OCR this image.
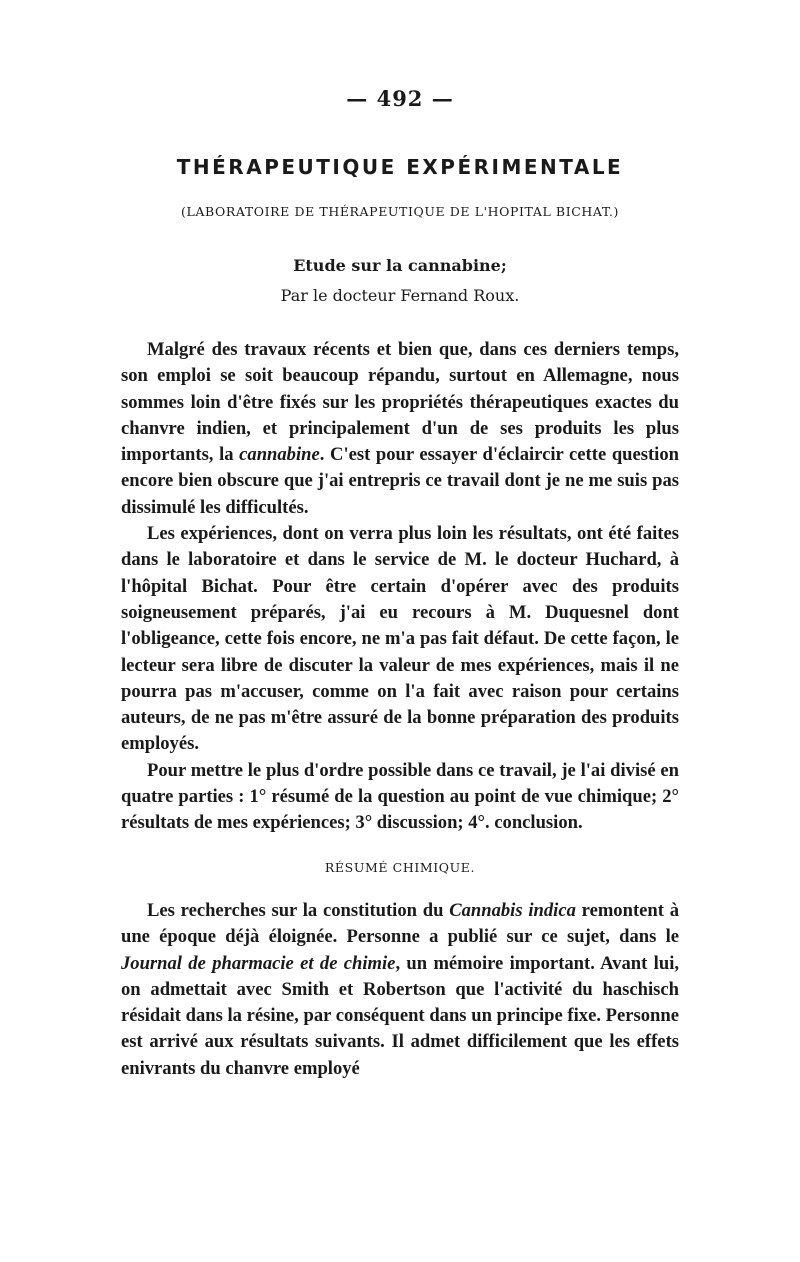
— 492 —
THÉRAPEUTIQUE EXPÉRIMENTALE
(LABORATOIRE DE THÉRAPEUTIQUE DE L'HOPITAL BICHAT.)
Etude sur la cannabine;
Par le docteur Fernand Roux.

Malgré des travaux récents et bien que, dans ces derniers temps, son emploi se soit beaucoup répandu, surtout en Allemagne, nous sommes loin d'être fixés sur les propriétés thérapeutiques exactes du chanvre indien, et principalement d'un de ses produits les plus importants, la cannabine. C'est pour essayer d'éclaircir cette question encore bien obscure que j'ai entrepris ce travail dont je ne me suis pas dissimulé les difficultés.

Les expériences, dont on verra plus loin les résultats, ont été faites dans le laboratoire et dans le service de M. le docteur Huchard, à l'hôpital Bichat. Pour être certain d'opérer avec des produits soigneusement préparés, j'ai eu recours à M. Duquesnel dont l'obligeance, cette fois encore, ne m'a pas fait défaut. De cette façon, le lecteur sera libre de discuter la valeur de mes expériences, mais il ne pourra pas m'accuser, comme on l'a fait avec raison pour certains auteurs, de ne pas m'être assuré de la bonne préparation des produits employés.

Pour mettre le plus d'ordre possible dans ce travail, je l'ai divisé en quatre parties : 1° résumé de la question au point de vue chimique; 2° résultats de mes expériences; 3° discussion; 4°. conclusion.

RÉSUMÉ CHIMIQUE.

Les recherches sur la constitution du Cannabis indica remontent à une époque déjà éloignée. Personne a publié sur ce sujet, dans le Journal de pharmacie et de chimie, un mémoire important. Avant lui, on admettait avec Smith et Robertson que l'activité du haschisch résidait dans la résine, par conséquent dans un principe fixe. Personne est arrivé aux résultats suivants. Il admet difficilement que les effets enivrants du chanvre employé
